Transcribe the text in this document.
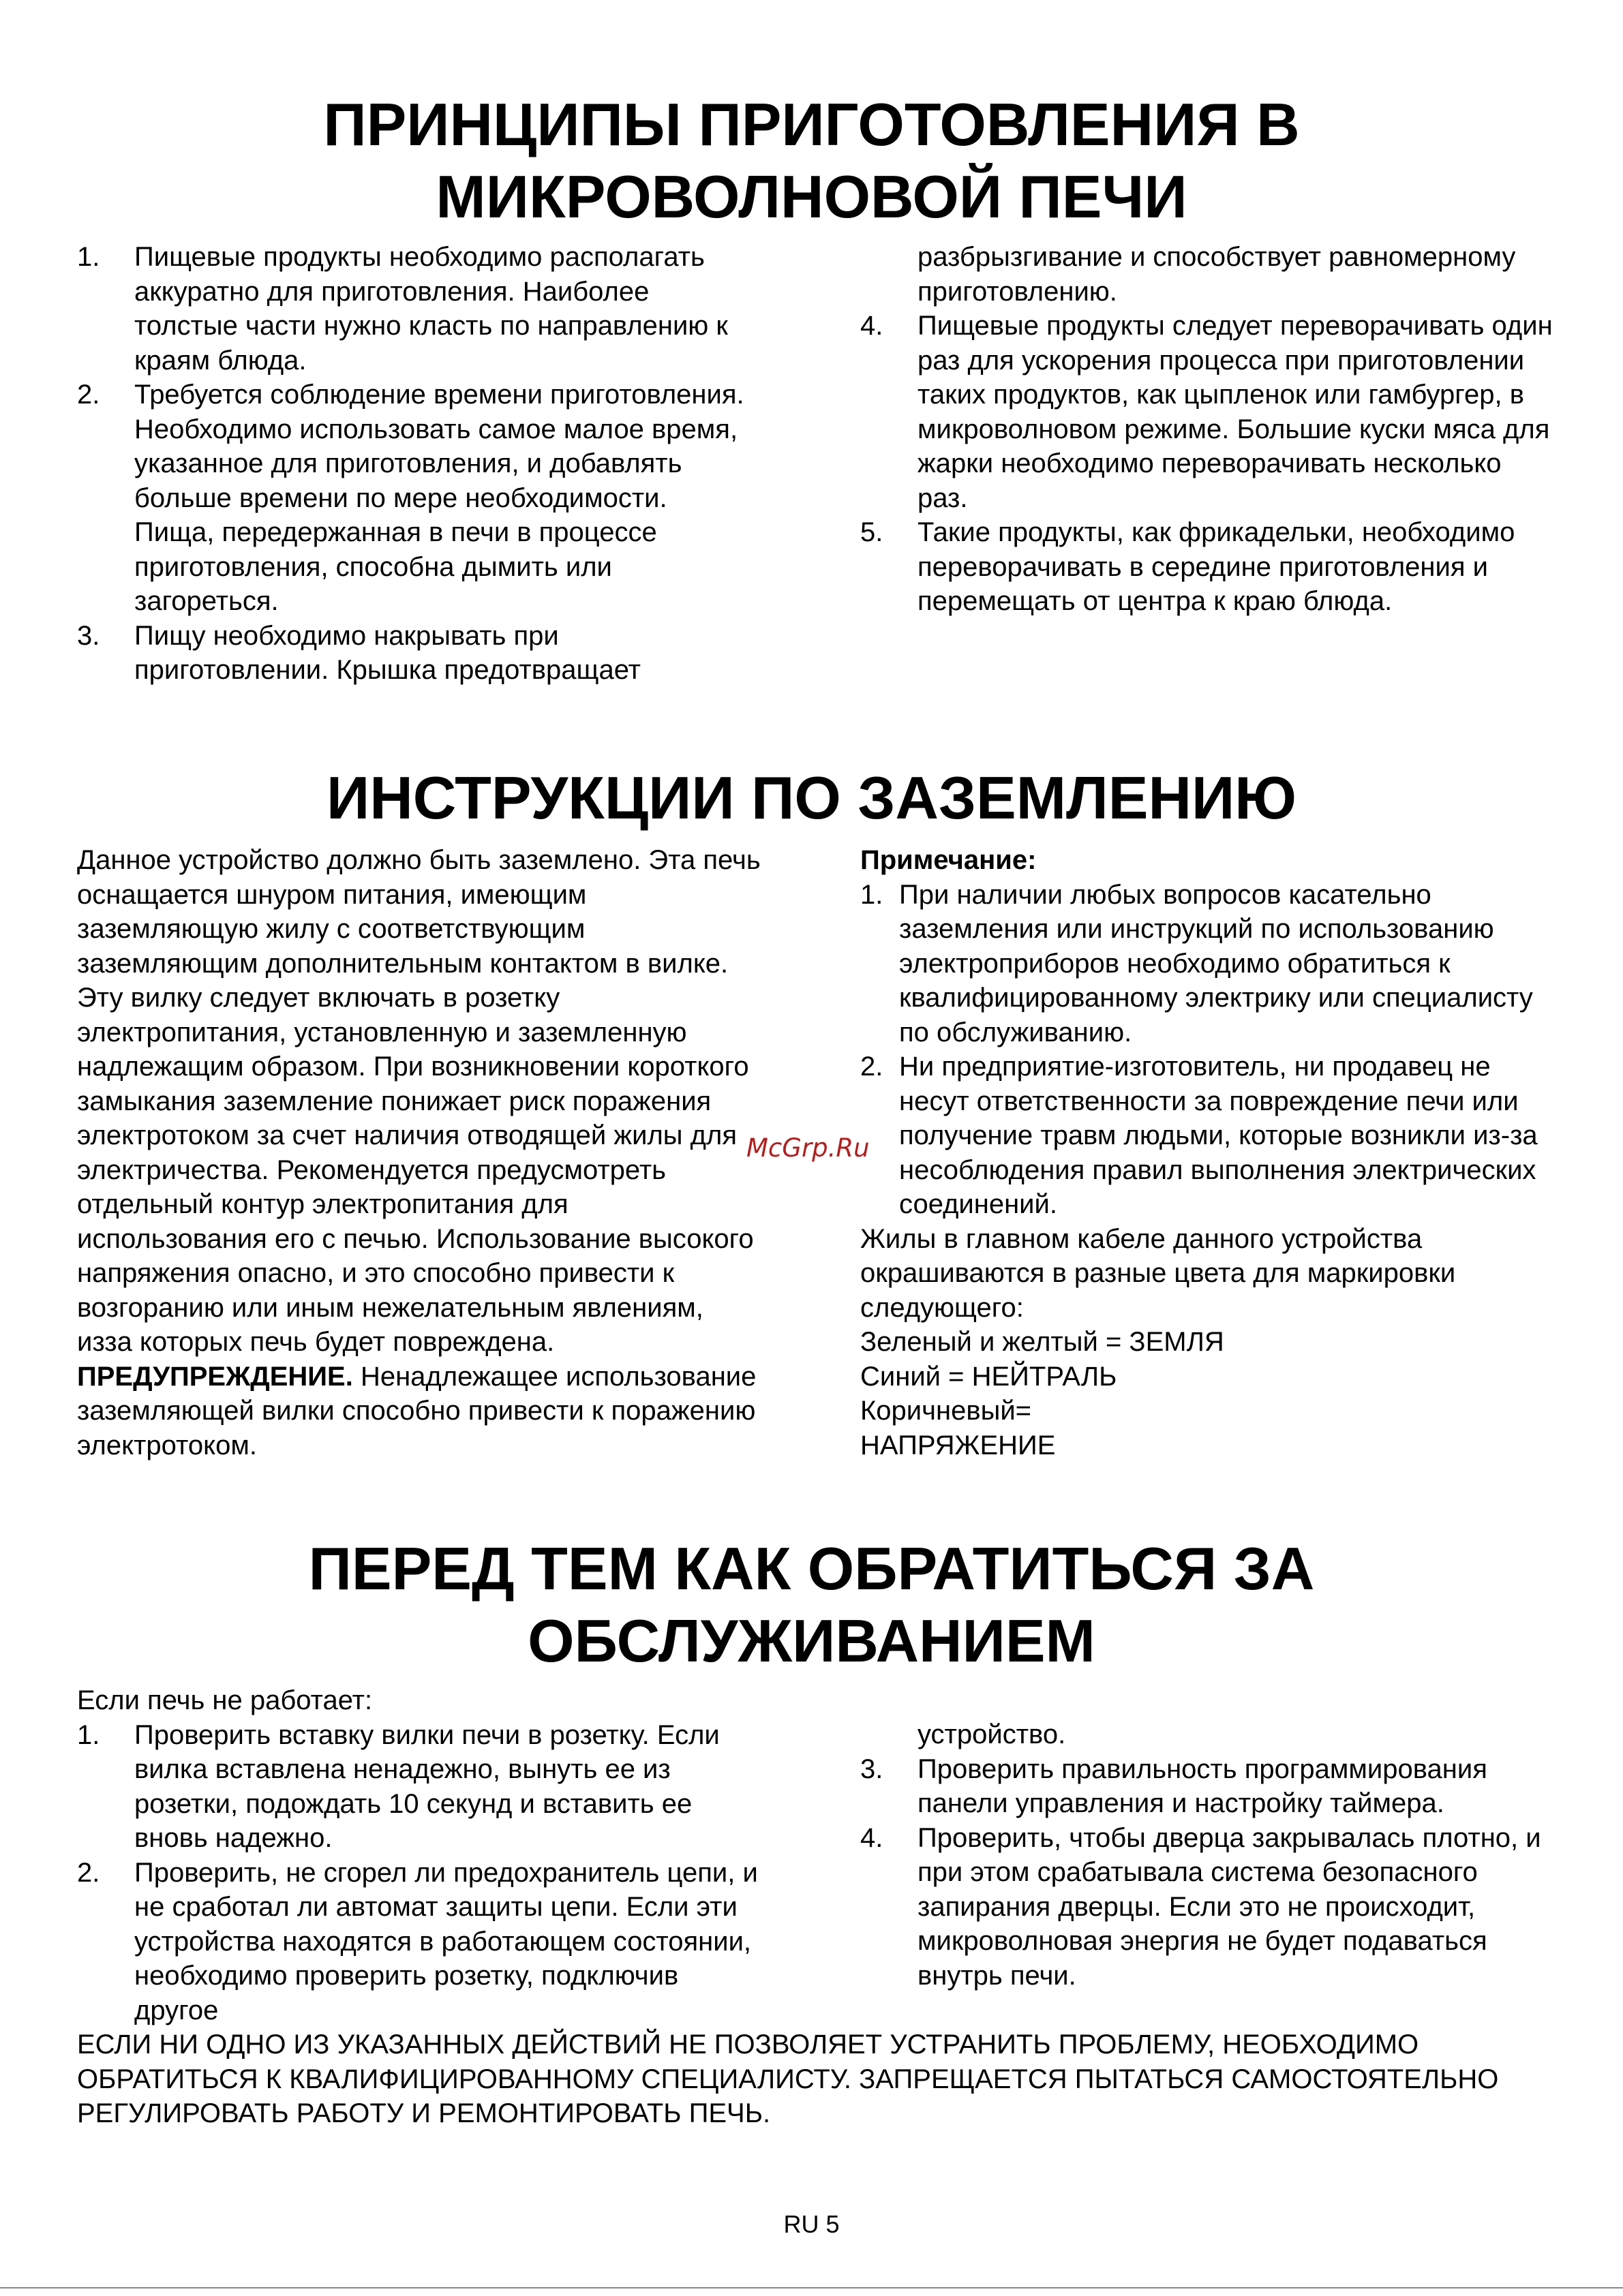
ПРИНЦИПЫ ПРИГОТОВЛЕНИЯ В
МИКРОВОЛНОВОЙ ПЕЧИ
1. Пищевые продукты необходимо располагать аккуратно для приготовления. Наиболее толстые части нужно класть по направлению к краям блюда.

2. Требуется соблюдение времени приготовления. Необходимо использовать самое малое время, указанное для приготовления, и добавлять больше времени по мере необходимости. Пища, передержанная в печи в процессе приготовления, способна дымить или загореться.

3. Пищу необходимо накрывать при приготовлении. Крышка предотвращает

разбрызгивание и способствует равномерному приготовлению.

4. Пищевые продукты следует переворачивать один раз для ускорения процесса при приготовлении таких продуктов, как цыпленок или гамбургер, в микроволновом режиме. Большие куски мяса для жарки необходимо переворачивать несколько раз.

5. Такие продукты, как фрикадельки, необходимо переворачивать в середине приготовления и перемещать от центра к краю блюда.

ИНСТРУКЦИИ ПО ЗАЗЕМЛЕНИЮ

Данное устройство должно быть заземлено. Эта печь оснащается шнуром питания, имеющим заземляющую жилу с соответствующим заземляющим дополнительным контактом в вилке. Эту вилку следует включать в розетку электропитания, установленную и заземленную надлежащим образом. При возникновении короткого замыкания заземление понижает риск поражения электротоком за счет наличия отводящей жилы для электричества. Рекомендуется предусмотреть отдельный контур электропитания для использования его с печью. Использование высокого напряжения опасно, и это способно привести к возгоранию или иным нежелательным явлениям, изза которых печь будет повреждена.

ПРЕДУПРЕЖДЕНИЕ. Ненадлежащее использование заземляющей вилки способно привести к поражению электротоком.

Примечание:

1. При наличии любых вопросов касательно заземления или инструкций по использованию электроприборов необходимо обратиться к квалифицированному электрику или специалисту по обслуживанию.

2. Ни предприятие-изготовитель, ни продавец не несут ответственности за повреждение печи или получение травм людьми, которые возникли из-за несоблюдения правил выполнения электрических соединений.

Жилы в главном кабеле данного устройства окрашиваются в разные цвета для маркировки следующего:

Зеленый и желтый = ЗЕМЛЯ

Синий = НЕЙТРАЛЬ

Коричневый=

НАПРЯЖЕНИЕ

McGrp.Ru
ПЕРЕД ТЕМ КАК ОБРАТИТЬСЯ ЗА
ОБСЛУЖИВАНИЕМ

Если печь не работает:

1. Проверить вставку вилки печи в розетку. Если вилка вставлена ненадежно, вынуть ее из розетки, подождать 10 секунд и вставить ее вновь надежно.

2. Проверить, не сгорел ли предохранитель цепи, и не сработал ли автомат защиты цепи. Если эти устройства находятся в работающем состоянии, необходимо проверить розетку, подключив другое

устройство.

3. Проверить правильность программирования панели управления и настройку таймера.

4. Проверить, чтобы дверца закрывалась плотно, и при этом срабатывала система безопасного запирания дверцы. Если это не происходит, микроволновая энергия не будет подаваться внутрь печи.

ЕСЛИ НИ ОДНО ИЗ УКАЗАННЫХ ДЕЙСТВИЙ НЕ ПОЗВОЛЯЕТ УСТРАНИТЬ ПРОБЛЕМУ, НЕОБХОДИМО ОБРАТИТЬСЯ К КВАЛИФИЦИРОВАННОМУ СПЕЦИАЛИСТУ. ЗАПРЕЩАЕТСЯ ПЫТАТЬСЯ САМОСТОЯТЕЛЬНО РЕГУЛИРОВАТЬ РАБОТУ И РЕМОНТИРОВАТЬ ПЕЧЬ.

RU 5
